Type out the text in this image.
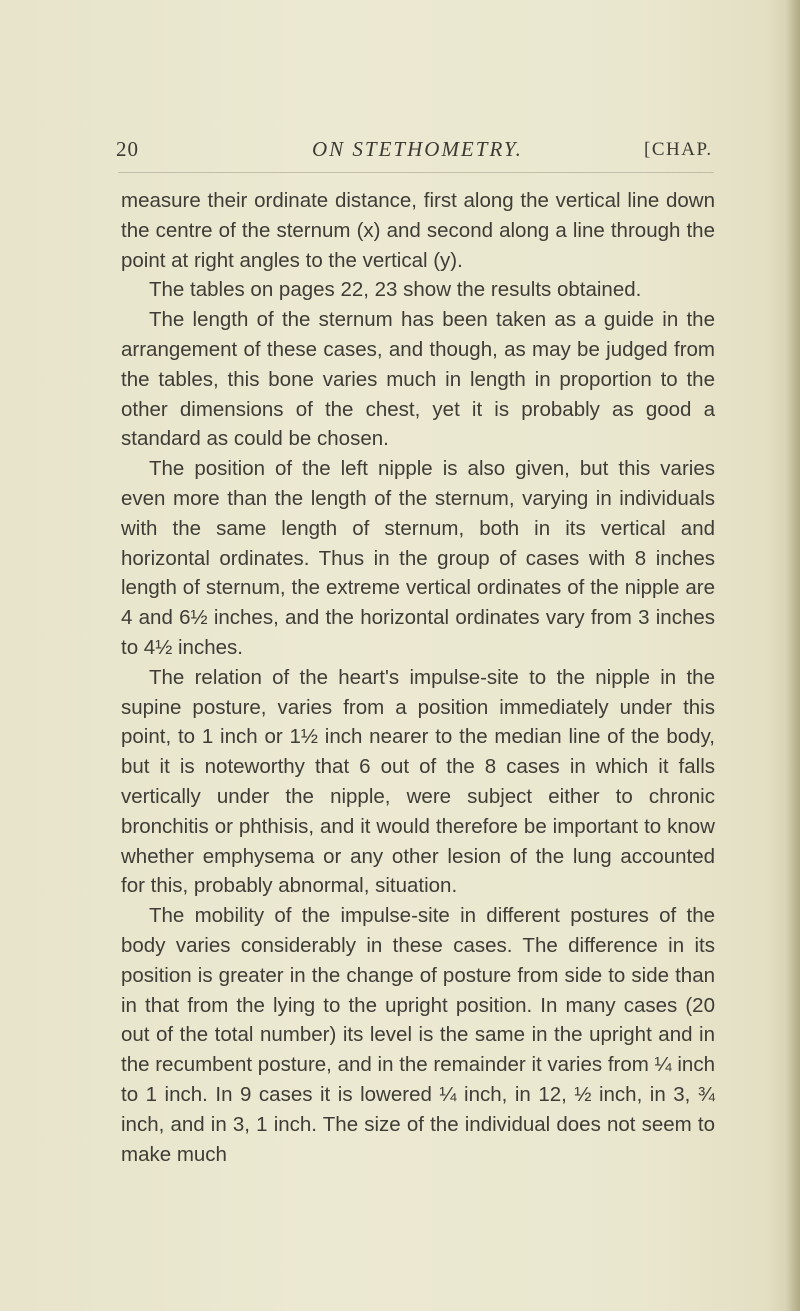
20	ON STETHOMETRY.	[CHAP.

measure their ordinate distance, first along the vertical line down the centre of the sternum (x) and second along a line through the point at right angles to the vertical (y).

The tables on pages 22, 23 show the results obtained.

The length of the sternum has been taken as a guide in the arrangement of these cases, and though, as may be judged from the tables, this bone varies much in length in proportion to the other dimensions of the chest, yet it is probably as good a standard as could be chosen.

The position of the left nipple is also given, but this varies even more than the length of the sternum, varying in individuals with the same length of sternum, both in its vertical and horizontal ordinates. Thus in the group of cases with 8 inches length of sternum, the extreme vertical ordinates of the nipple are 4 and 6½ inches, and the horizontal ordinates vary from 3 inches to 4½ inches.

The relation of the heart's impulse-site to the nipple in the supine posture, varies from a position immediately under this point, to 1 inch or 1½ inch nearer to the median line of the body, but it is noteworthy that 6 out of the 8 cases in which it falls vertically under the nipple, were subject either to chronic bronchitis or phthisis, and it would therefore be important to know whether emphysema or any other lesion of the lung accounted for this, probably abnormal, situation.

The mobility of the impulse-site in different postures of the body varies considerably in these cases. The difference in its position is greater in the change of posture from side to side than in that from the lying to the upright position. In many cases (20 out of the total number) its level is the same in the upright and in the recumbent posture, and in the remainder it varies from ¼ inch to 1 inch. In 9 cases it is lowered ¼ inch, in 12, ½ inch, in 3, ¾ inch, and in 3, 1 inch. The size of the individual does not seem to make much
